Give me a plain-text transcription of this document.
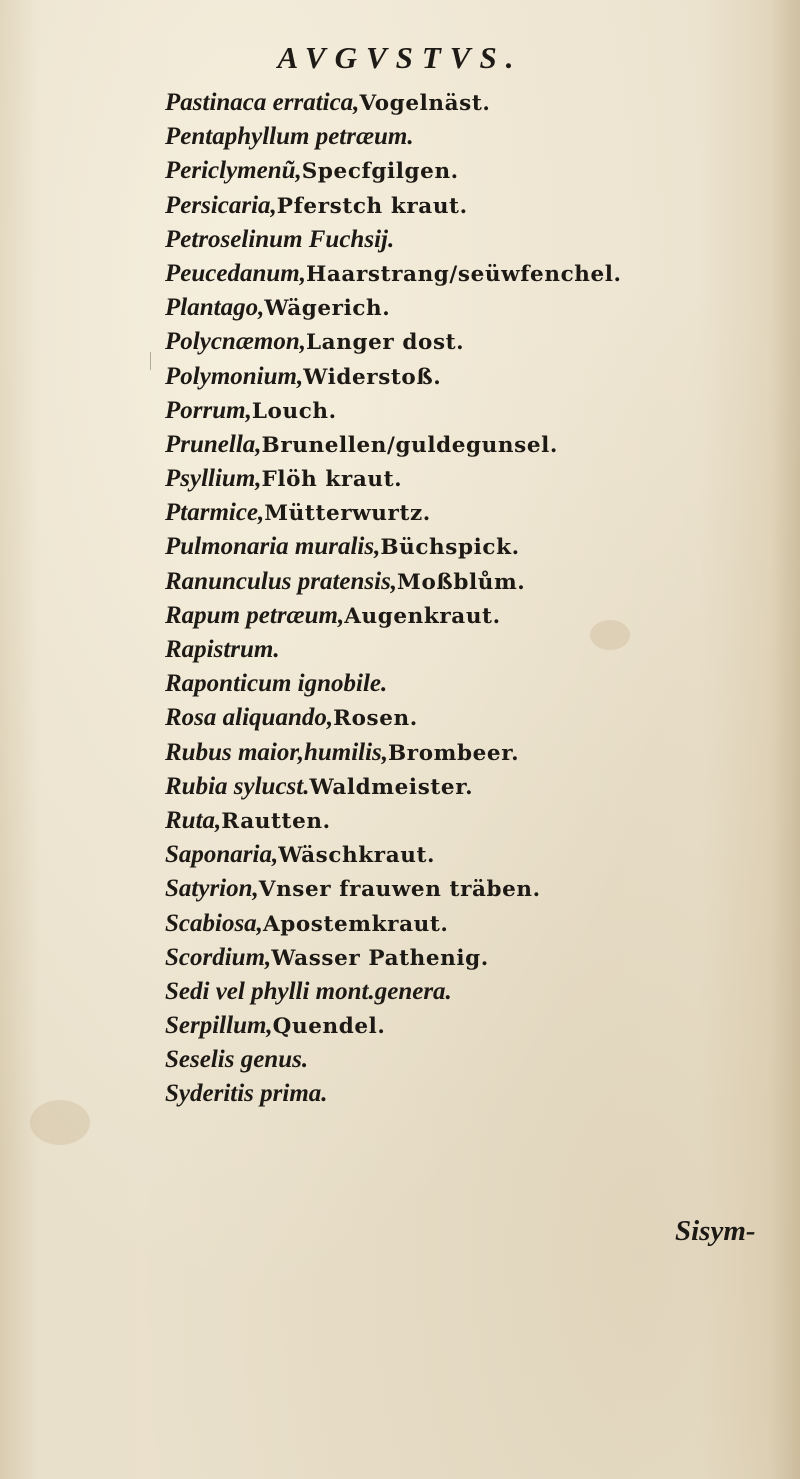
AVGVSTVS.
Pastinaca erratica,Vogelnäst.
Pentaphyllum petræum.
Periclymenũ,Specfgilgen.
Persicaria,Pferstch kraut.
Petroselinum Fuchsij.
Peucedanum,Haarstrang/seüwfenchel.
Plantago,Wägerich.
Polycnæmon,Langer dost.
Polymonium,Widerstoß.
Porrum,Louch.
Prunella,Brunellen/guldegunsel.
Psyllium,Flöh kraut.
Ptarmice,Mütterwurtz.
Pulmonaria muralis,Büchspick.
Ranunculus pratensis,Moßblům.
Rapum petræum,Augenkraut.
Rapistrum.
Raponticum ignobile.
Rosa aliquando,Rosen.
Rubus maior,humilis,Brombeer.
Rubia sylucst.Waldmeister.
Ruta,Rautten.
Saponaria,Wäschkraut.
Satyrion,Vnser frauwen träben.
Scabiosa,Apostemkraut.
Scordium,Wasser Pathenig.
Sedi vel phylli mont.genera.
Serpillum,Quendel.
Seselis genus.
Syderitis prima.
Sisym-
